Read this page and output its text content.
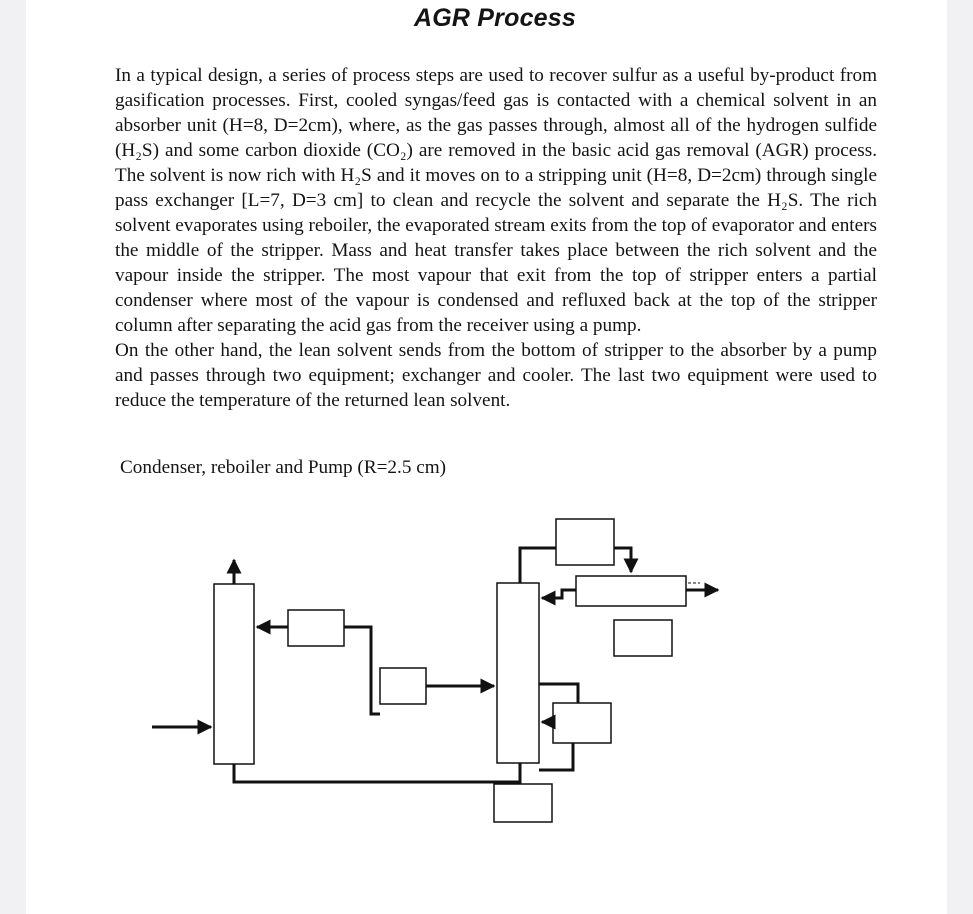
AGR Process

In a typical design, a series of process steps are used to recover sulfur as a useful by-product from gasification processes. First, cooled syngas/feed gas is contacted with a chemical solvent in an absorber unit (H=8, D=2cm), where, as the gas passes through, almost all of the hydrogen sulfide (H₂S) and some carbon dioxide (CO₂) are removed in the basic acid gas removal (AGR) process. The solvent is now rich with H₂S and it moves on to a stripping unit (H=8, D=2cm) through single pass exchanger [L=7, D=3 cm] to clean and recycle the solvent and separate the H₂S. The rich solvent evaporates using reboiler, the evaporated stream exits from the top of evaporator and enters the middle of the stripper. Mass and heat transfer takes place between the rich solvent and the vapour inside the stripper. The most vapour that exit from the top of stripper enters a partial condenser where most of the vapour is condensed and refluxed back at the top of the stripper column after separating the acid gas from the receiver using a pump.

On the other hand, the lean solvent sends from the bottom of stripper to the absorber by a pump and passes through two equipment; exchanger and cooler. The last two equipment were used to reduce the temperature of the returned lean solvent.

Condenser, reboiler and Pump (R=2.5 cm)
